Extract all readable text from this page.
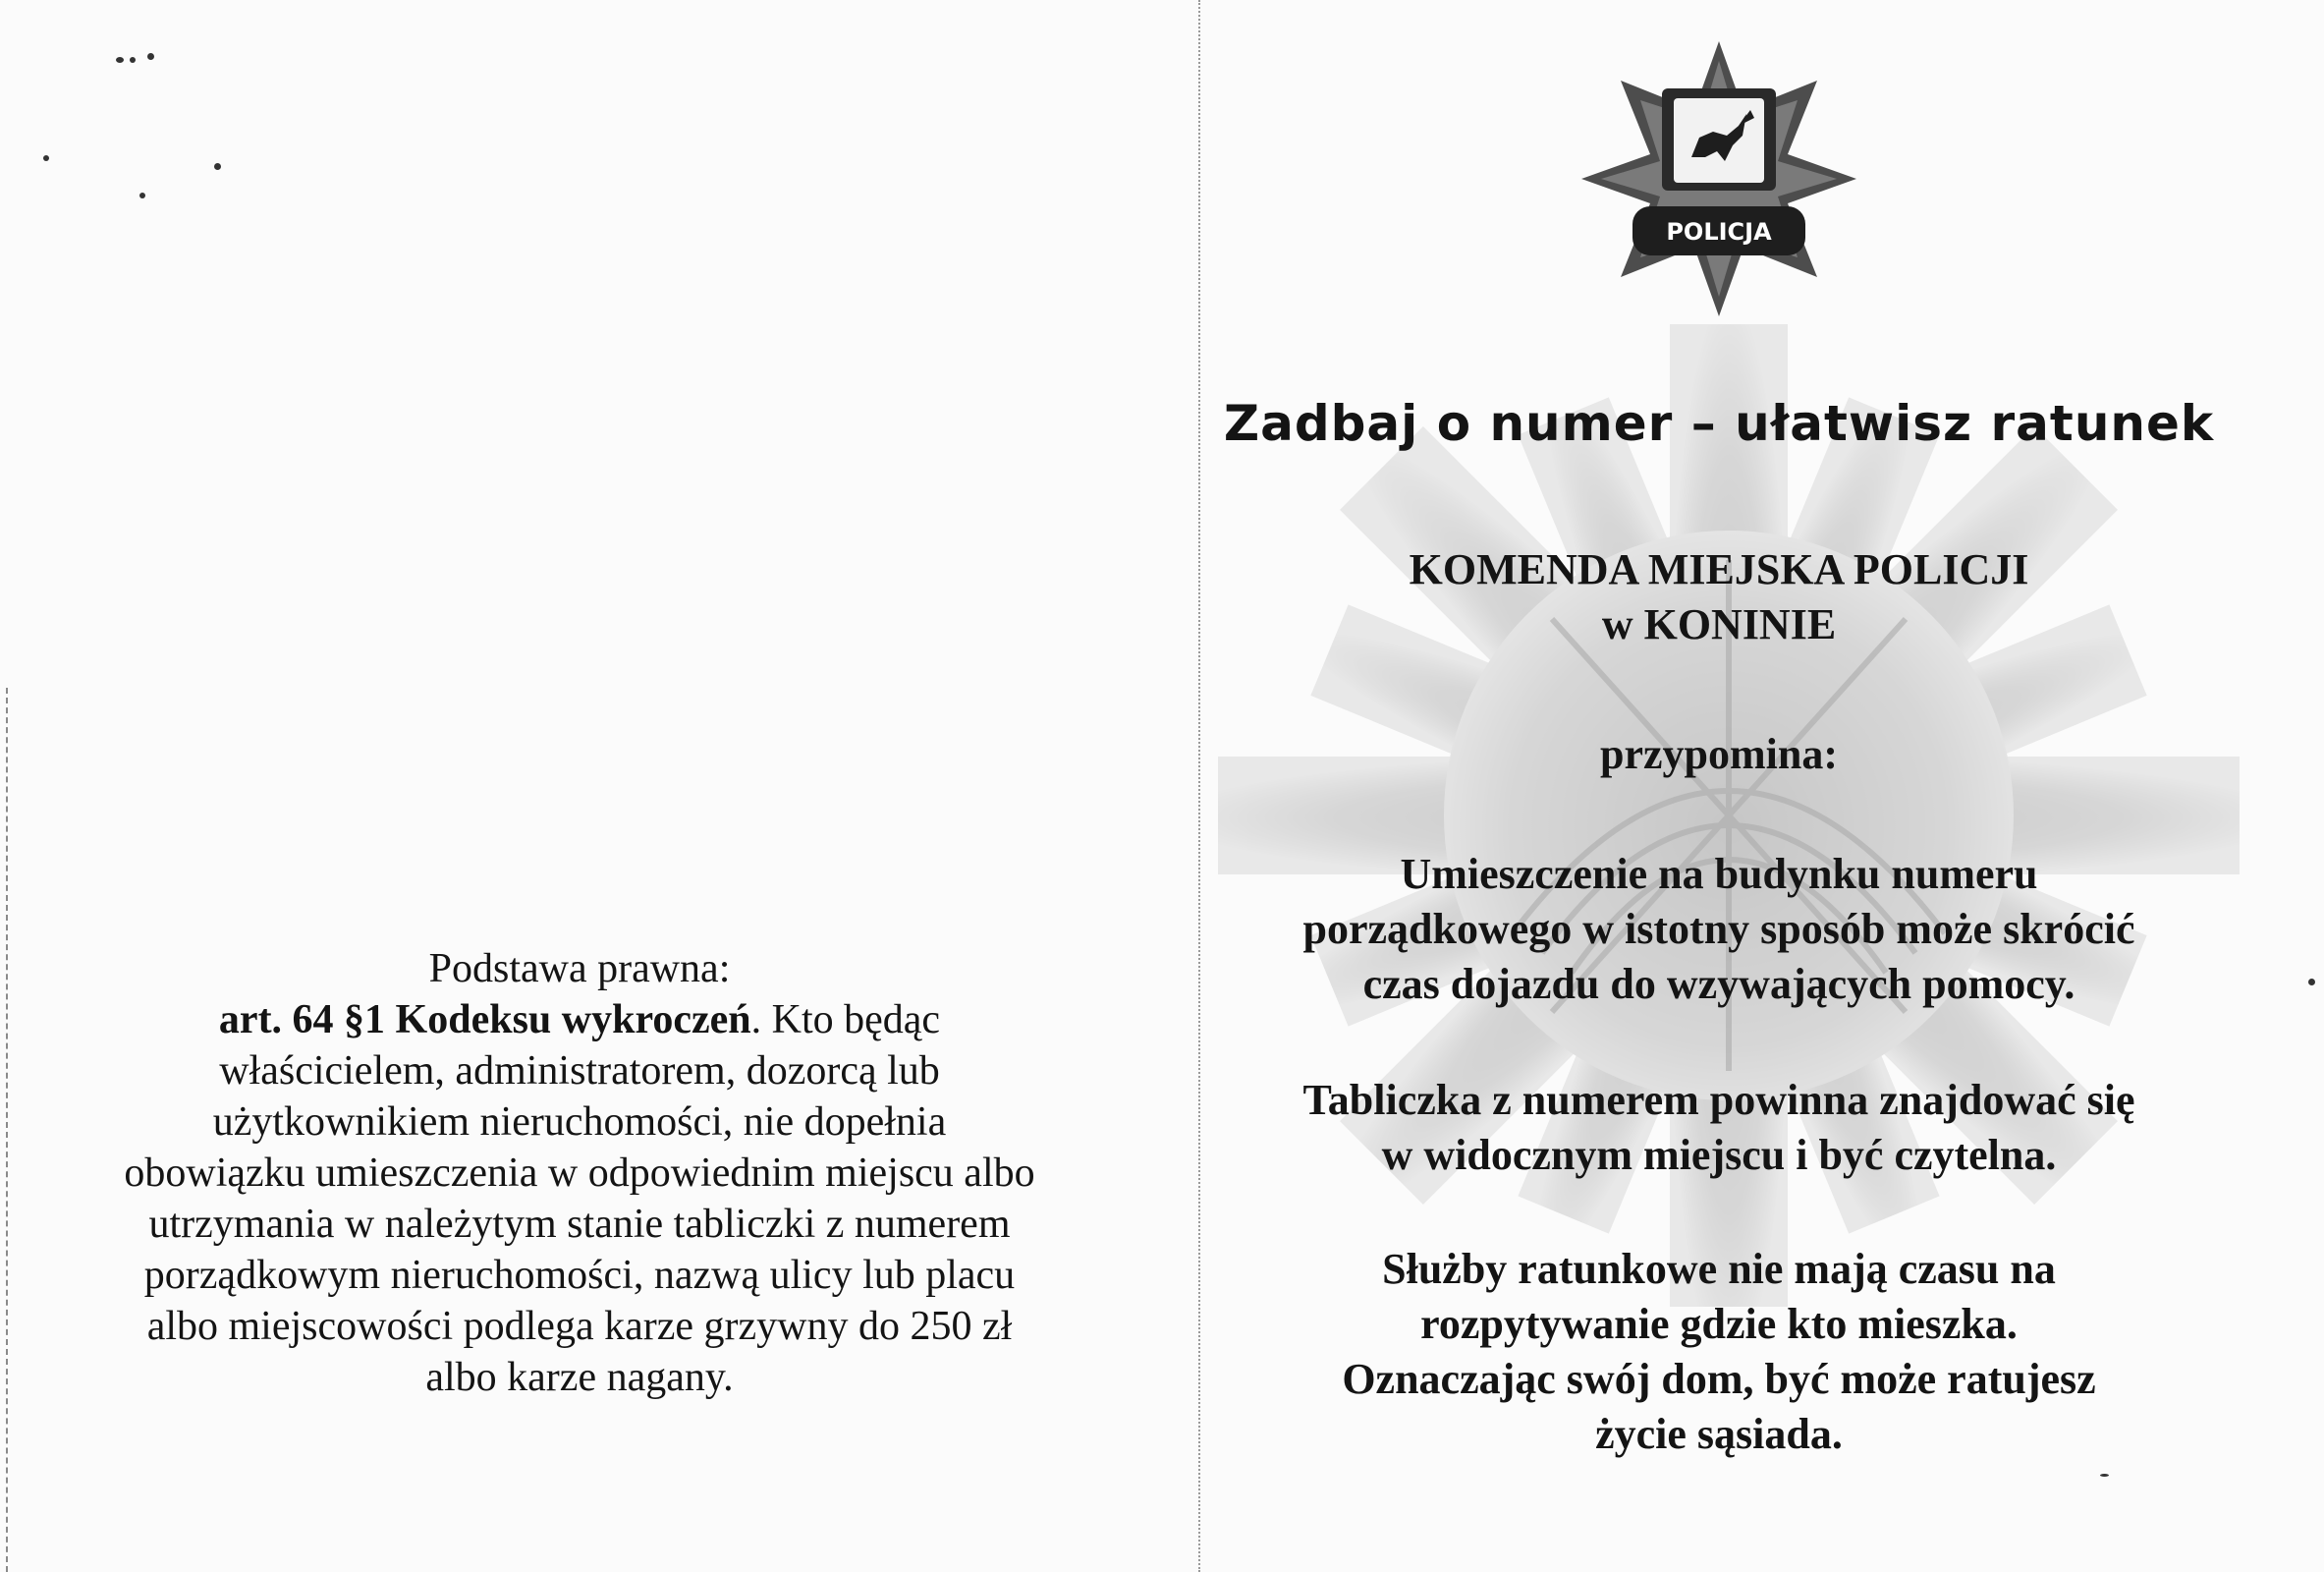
POLICJA
Zadbaj o numer – ułatwisz ratunek

KOMENDA MIEJSKA POLICJI

w KONINIE

przypomina:

Umieszczenie na budynku numeru

porządkowego w istotny sposób może skrócić

czas dojazdu do wzywających pomocy.

Tabliczka z numerem powinna znajdować się

w widocznym miejscu i być czytelna.

Służby ratunkowe nie mają czasu na

rozpytywanie gdzie kto mieszka.

Oznaczając swój dom, być może ratujesz

życie sąsiada.

Podstawa prawna:
art. 64 §1 Kodeksu wykroczeń. Kto będąc
właścicielem, administratorem, dozorcą lub
użytkownikiem nieruchomości, nie dopełnia
obowiązku umieszczenia w odpowiednim miejscu albo
utrzymania w należytym stanie tabliczki z numerem
porządkowym nieruchomości, nazwą ulicy lub placu
albo miejscowości podlega karze grzywny do 250 zł
albo karze nagany.
